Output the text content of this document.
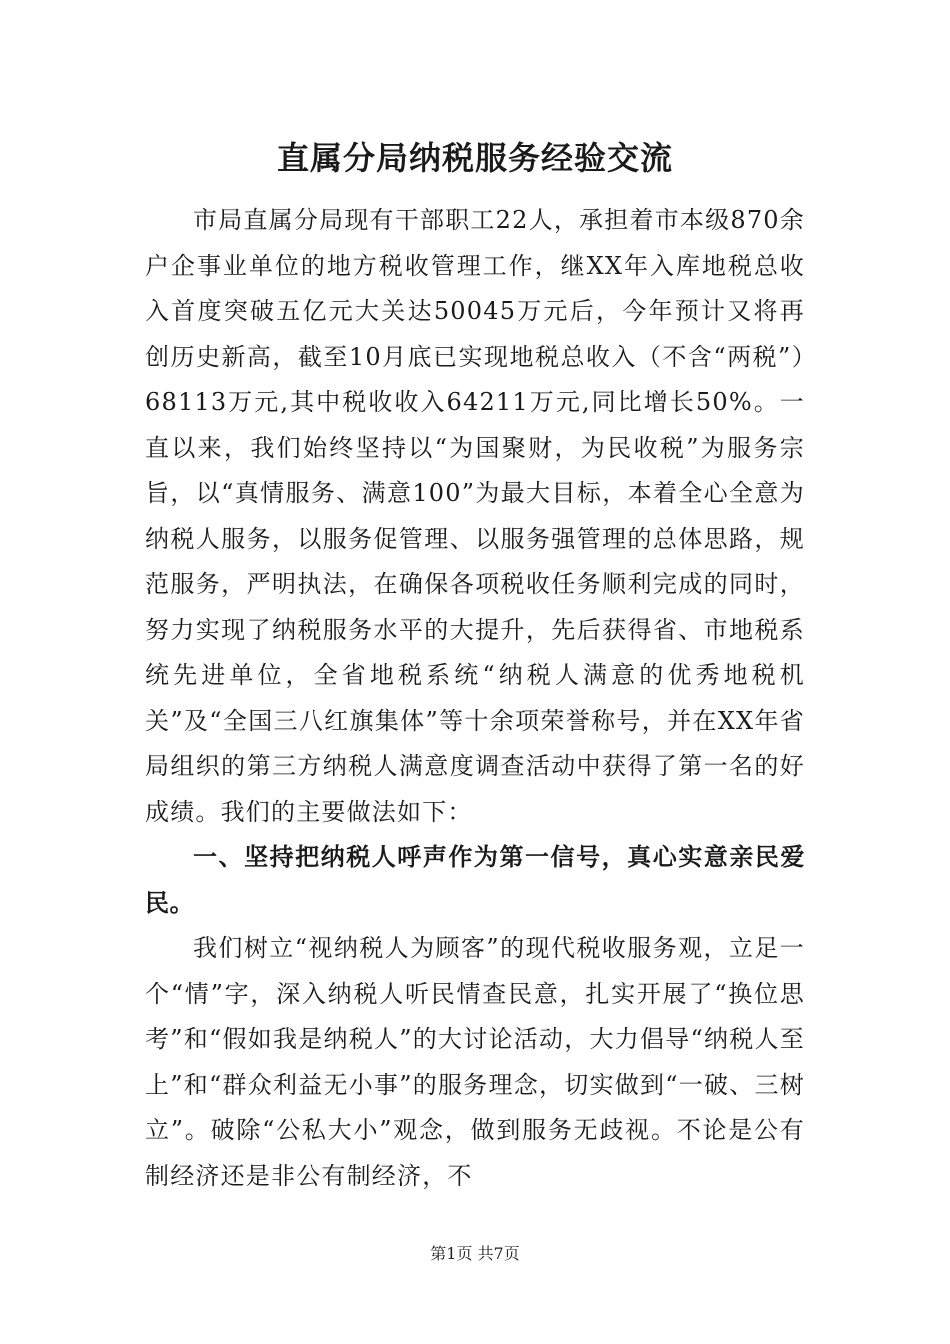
直属分局纳税服务经验交流

市局直属分局现有干部职工22人，承担着市本级870余户企事业单位的地方税收管理工作，继XX年入库地税总收入首度突破五亿元大关达50045万元后，今年预计又将再创历史新高，截至10月底已实现地税总收入（不含“两税”）68113万元,其中税收收入64211万元,同比增长50%。一直以来，我们始终坚持以“为国聚财，为民收税”为服务宗旨，以“真情服务、满意100”为最大目标，本着全心全意为纳税人服务，以服务促管理、以服务强管理的总体思路，规范服务，严明执法，在确保各项税收任务顺利完成的同时，努力实现了纳税服务水平的大提升，先后获得省、市地税系统先进单位，全省地税系统“纳税人满意的优秀地税机关”及“全国三八红旗集体”等十余项荣誉称号，并在XX年省局组织的第三方纳税人满意度调查活动中获得了第一名的好成绩。我们的主要做法如下：

一、坚持把纳税人呼声作为第一信号，真心实意亲民爱民。

我们树立“视纳税人为顾客”的现代税收服务观，立足一个“情”字，深入纳税人听民情查民意，扎实开展了“换位思考”和“假如我是纳税人”的大讨论活动，大力倡导“纳税人至上”和“群众利益无小事”的服务理念，切实做到“一破、三树立”。破除“公私大小”观念，做到服务无歧视。不论是公有制经济还是非公有制经济，不

第1页 共7页
